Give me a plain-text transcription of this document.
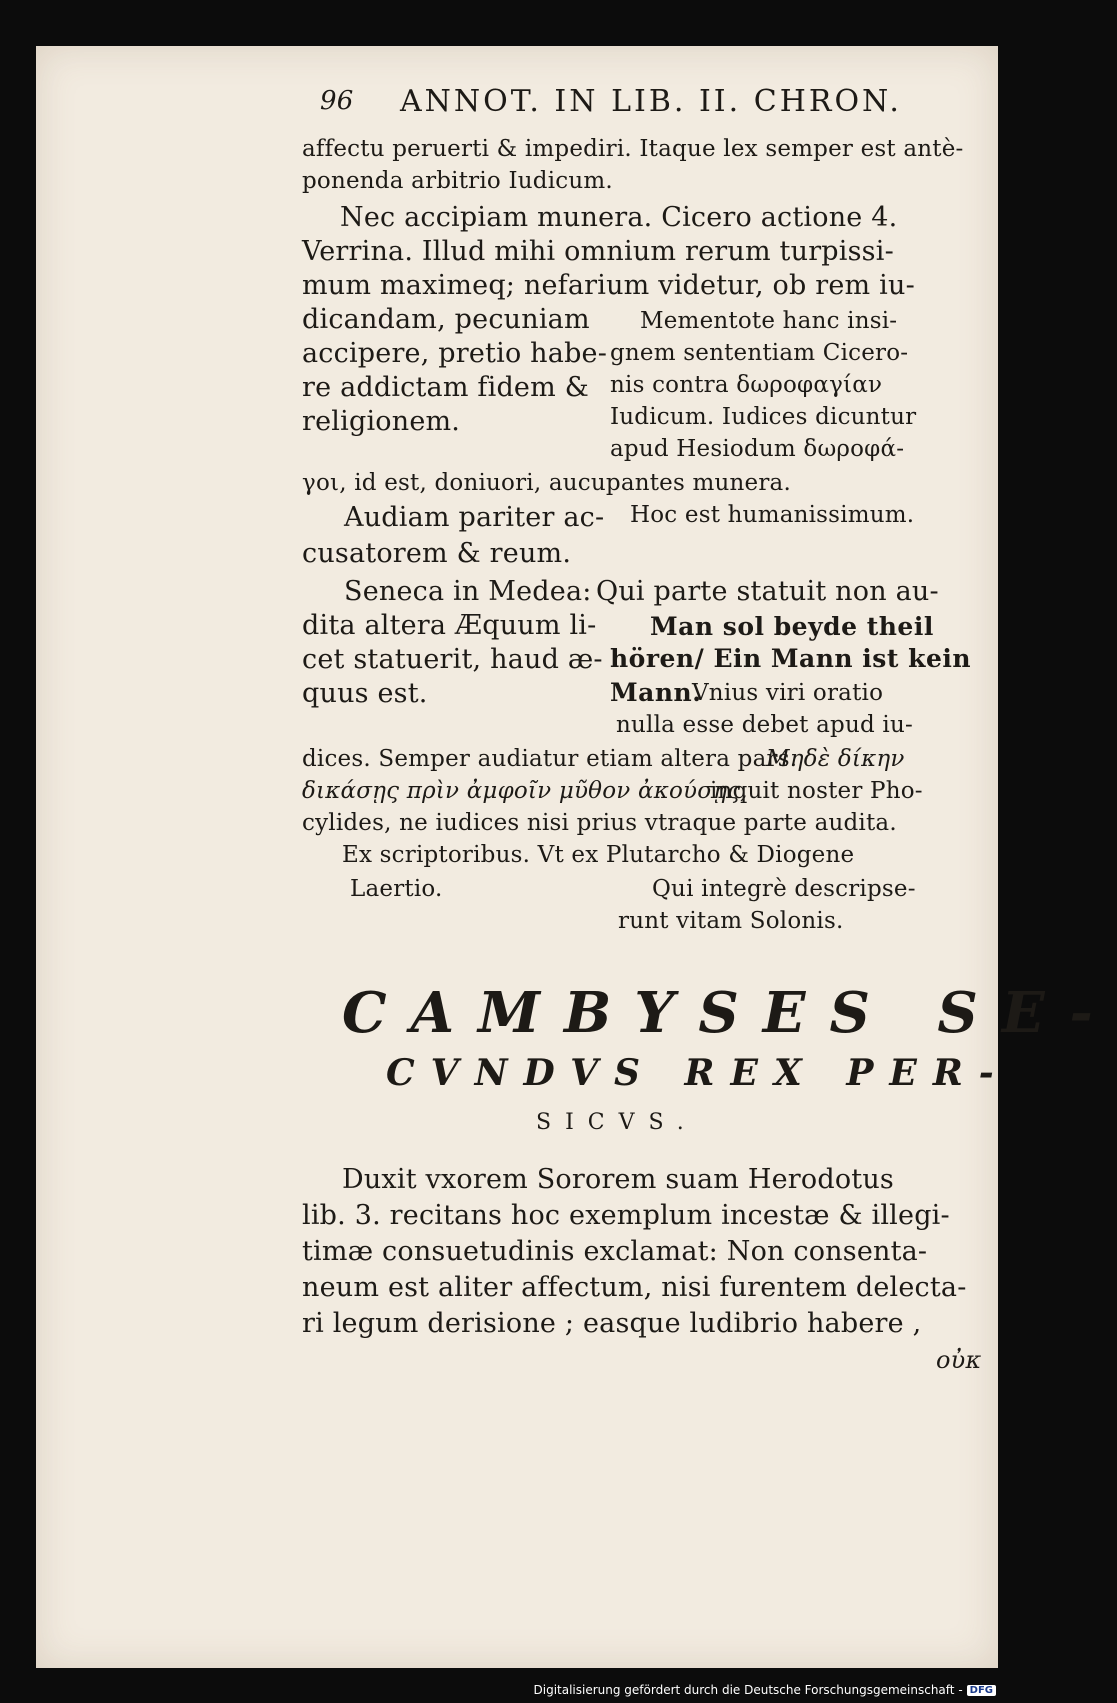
96 ANNOT. IN LIB. II. CHRON.
affectu peruerti & impediri. Itaque lex semper est antè-
ponenda arbitrio Iudicum.
Nec accipiam munera. Cicero actione 4.
Verrina. Illud mihi omnium rerum turpissi-
mum maximeq; nefarium videtur, ob rem iu-
dicandam, pecuniam
accipere, pretio habe-
re addictam fidem &
religionem.
Mementote hanc insi-
gnem sententiam Cicero-
nis contra δωροφαγίαν
Iudicum. Iudices dicuntur
apud Hesiodum δωροφά-
γοι, id est, doniuori, aucupantes munera.
Audiam pariter ac-
cusatorem & reum.
Hoc est humanissimum.
Seneca in Medea: Qui parte statuit non au-
dita altera Æquum li-
cet statuerit, haud æ-
quus est.
Man sol beyde theil
hören/ Ein Mann ist kein
Mann.
Vnius viri oratio
nulla esse debet apud iu-
dices. Semper audiatur etiam altera pars.
Μηδὲ δίκην
δικάσῃς πρὶν ἀμφοῖν μῦθον ἀκούσῃς,
inquit noster Pho-
cylides, ne iudices nisi prius vtraque parte audita.
Ex scriptoribus. Vt ex Plutarcho & Diogene
Laertio.	Qui integrè descripse-
runt vitam Solonis.
CAMBYSES SE-
CVNDVS REX PER-
SICVS.
Duxit vxorem Sororem suam Herodotus
lib. 3. recitans hoc exemplum incestæ & illegi-
timæ consuetudinis exclamat: Non consenta-
neum est aliter affectum, nisi furentem delecta-
ri legum derisione ; easque ludibrio habere ,
οὐκ
Digitalisierung gefördert durch die Deutsche Forschungsgemeinschaft - DFG
